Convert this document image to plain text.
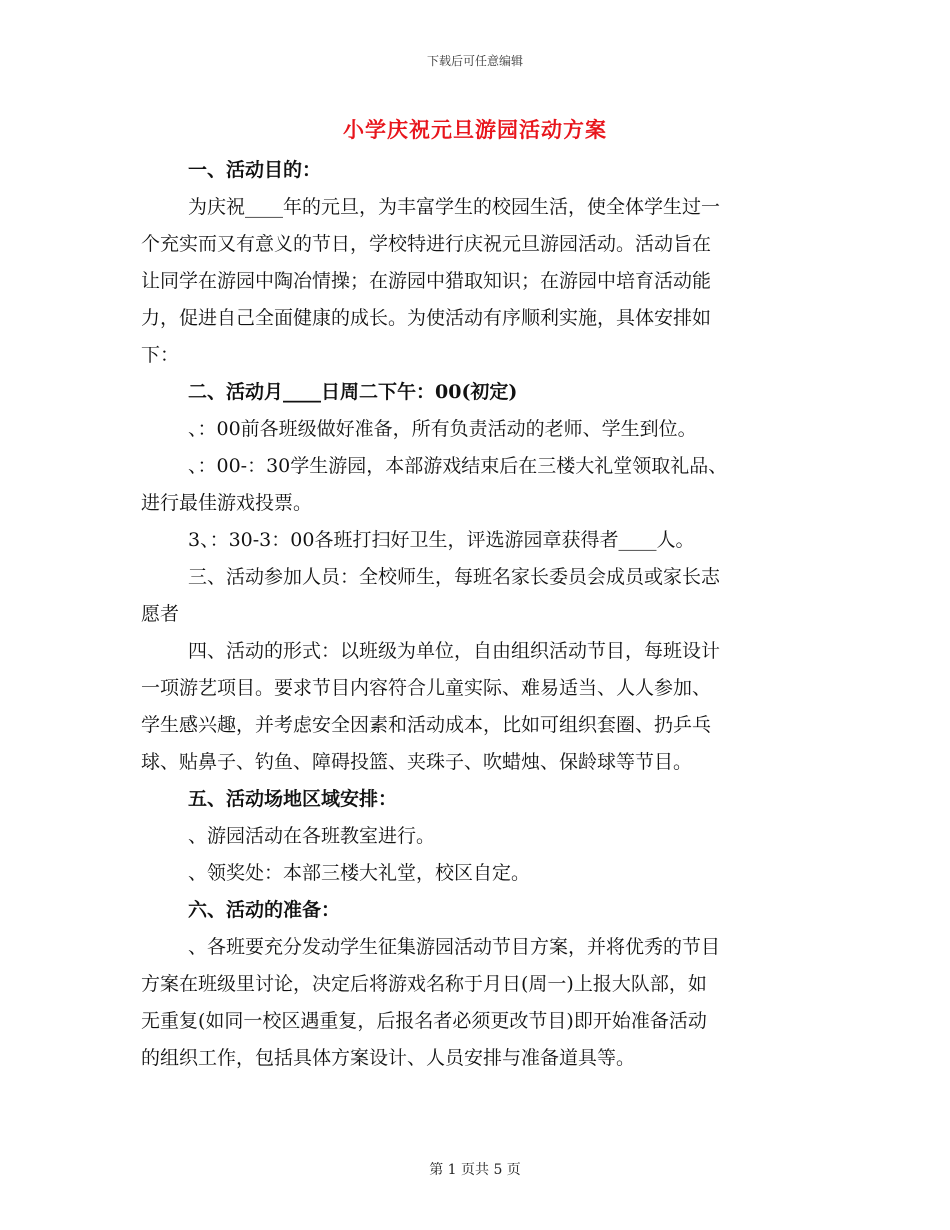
下载后可任意编辑
小学庆祝元旦游园活动方案
一、活动目的：
为庆祝____年的元旦，为丰富学生的校园生活，使全体学生过一
个充实而又有意义的节日，学校特进行庆祝元旦游园活动。活动旨在
让同学在游园中陶冶情操；在游园中猎取知识；在游园中培育活动能
力，促进自己全面健康的成长。为使活动有序顺利实施，具体安排如
下：
二、活动月____日周二下午：00(初定)
、：00前各班级做好准备，所有负责活动的老师、学生到位。
、：00-：30学生游园，本部游戏结束后在三楼大礼堂领取礼品、
进行最佳游戏投票。
3、：30-3：00各班打扫好卫生，评选游园章获得者____人。
三、活动参加人员：全校师生，每班名家长委员会成员或家长志
愿者
四、活动的形式：以班级为单位，自由组织活动节目，每班设计
一项游艺项目。要求节目内容符合儿童实际、难易适当、人人参加、
学生感兴趣，并考虑安全因素和活动成本，比如可组织套圈、扔乒乓
球、贴鼻子、钓鱼、障碍投篮、夹珠子、吹蜡烛、保龄球等节目。
五、活动场地区域安排：
、游园活动在各班教室进行。
、领奖处：本部三楼大礼堂，校区自定。
六、活动的准备：
、各班要充分发动学生征集游园活动节目方案，并将优秀的节目
方案在班级里讨论，决定后将游戏名称于月日(周一)上报大队部，如
无重复(如同一校区遇重复，后报名者必须更改节目)即开始准备活动
的组织工作，包括具体方案设计、人员安排与准备道具等。
第 1 页共 5 页
